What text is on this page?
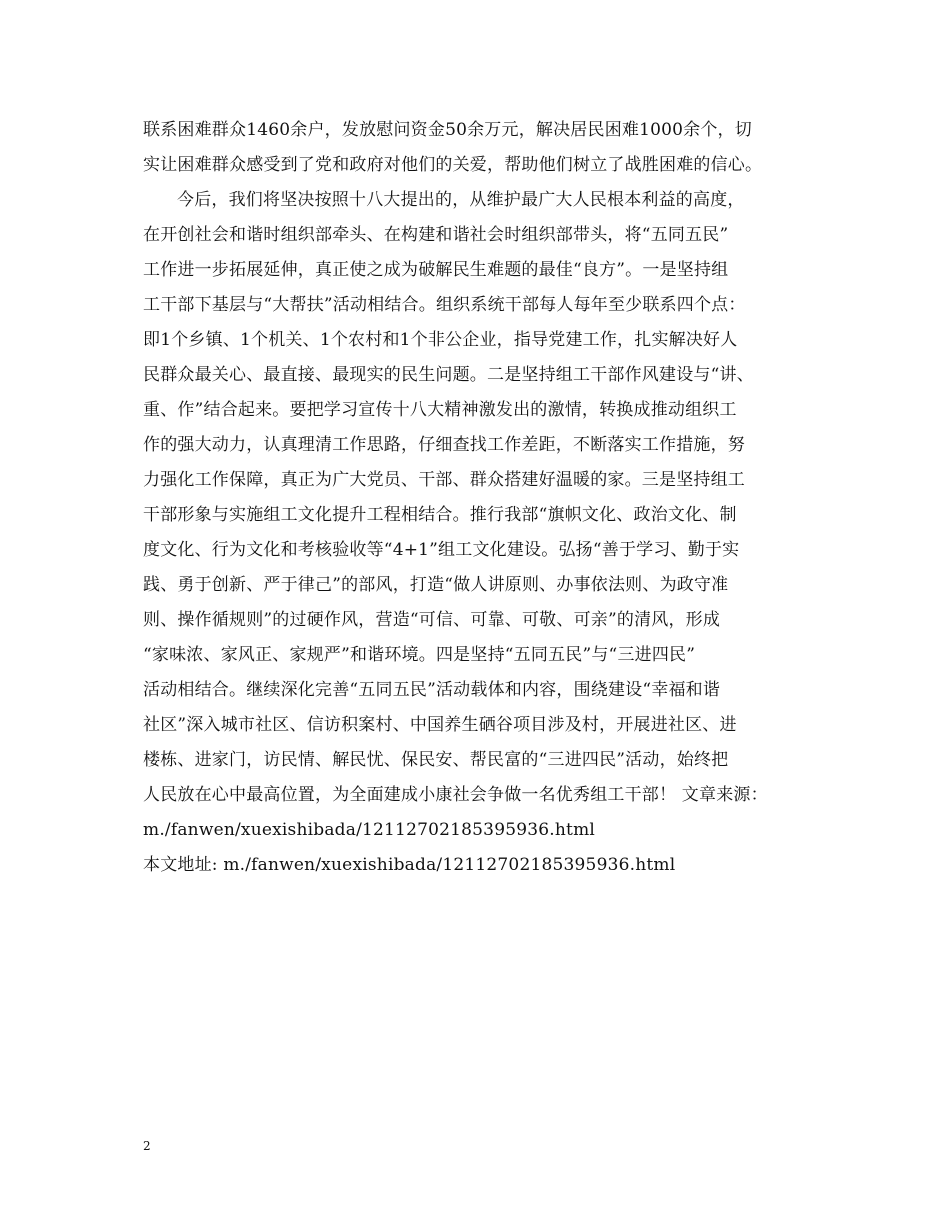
联系困难群众1460余户，发放慰问资金50余万元，解决居民困难1000余个，切
实让困难群众感受到了党和政府对他们的关爱，帮助他们树立了战胜困难的信心。
今后，我们将坚决按照十八大提出的，从维护最广大人民根本利益的高度，
在开创社会和谐时组织部牵头、在构建和谐社会时组织部带头，将“五同五民”
工作进一步拓展延伸，真正使之成为破解民生难题的最佳“良方”。一是坚持组
工干部下基层与“大帮扶”活动相结合。组织系统干部每人每年至少联系四个点：
即1个乡镇、1个机关、1个农村和1个非公企业，指导党建工作，扎实解决好人
民群众最关心、最直接、最现实的民生问题。二是坚持组工干部作风建设与“讲、
重、作”结合起来。要把学习宣传十八大精神激发出的激情，转换成推动组织工
作的强大动力，认真理清工作思路，仔细查找工作差距，不断落实工作措施，努
力强化工作保障，真正为广大党员、干部、群众搭建好温暖的家。三是坚持组工
干部形象与实施组工文化提升工程相结合。推行我部“旗帜文化、政治文化、制
度文化、行为文化和考核验收等“4+1”组工文化建设。弘扬“善于学习、勤于实
践、勇于创新、严于律己”的部风，打造“做人讲原则、办事依法则、为政守准
则、操作循规则”的过硬作风，营造“可信、可靠、可敬、可亲”的清风，形成
“家味浓、家风正、家规严”和谐环境。四是坚持“五同五民”与“三进四民”
活动相结合。继续深化完善“五同五民”活动载体和内容，围绕建设“幸福和谐
社区”深入城市社区、信访积案村、中国养生硒谷项目涉及村，开展进社区、进
楼栋、进家门，访民情、解民忧、保民安、帮民富的“三进四民”活动，始终把
人民放在心中最高位置，为全面建成小康社会争做一名优秀组工干部！ 文章来源：
m./fanwen/xuexishibada/12112702185395936.html
本文地址: m./fanwen/xuexishibada/12112702185395936.html
2
